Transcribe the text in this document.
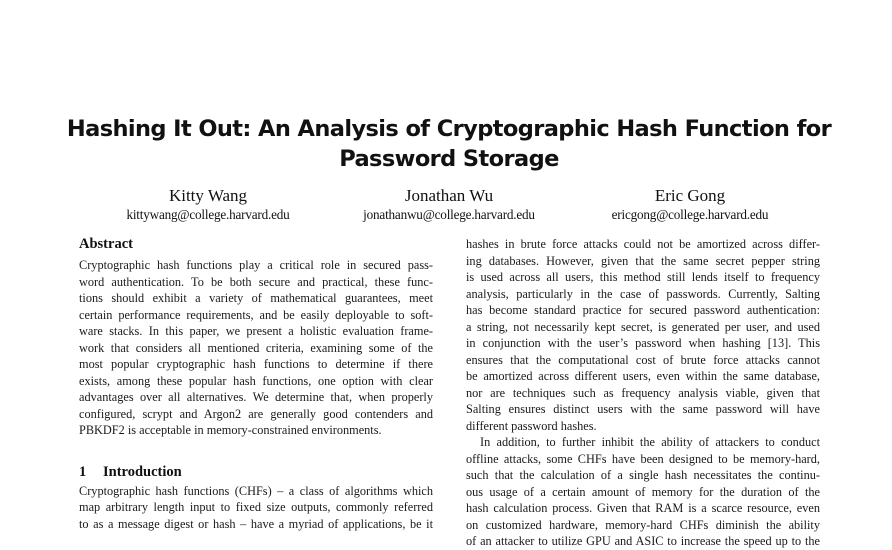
Hashing It Out: An Analysis of Cryptographic Hash Function for
Password Storage
Kitty Wang
kittywang@college.harvard.edu
Jonathan Wu
jonathanwu@college.harvard.edu
Eric Gong
ericgong@college.harvard.edu
Abstract
Cryptographic hash functions play a critical role in secured pass-
word authentication. To be both secure and practical, these func-
tions should exhibit a variety of mathematical guarantees, meet
certain performance requirements, and be easily deployable to soft-
ware stacks. In this paper, we present a holistic evaluation frame-
work that considers all mentioned criteria, examining some of the
most popular cryptographic hash functions to determine if there
exists, among these popular hash functions, one option with clear
advantages over all alternatives. We determine that, when properly
configured, scrypt and Argon2 are generally good contenders and
PBKDF2 is acceptable in memory-constrained environments.
1 Introduction
Cryptographic hash functions (CHFs) – a class of algorithms which
map arbitrary length input to fixed size outputs, commonly referred
to as a message digest or hash – have a myriad of applications, be it
hashes in brute force attacks could not be amortized across differ-
ing databases. However, given that the same secret pepper string
is used across all users, this method still lends itself to frequency
analysis, particularly in the case of passwords. Currently, Salting
has become standard practice for secured password authentication:
a string, not necessarily kept secret, is generated per user, and used
in conjunction with the user’s password when hashing [13]. This
ensures that the computational cost of brute force attacks cannot
be amortized across different users, even within the same database,
nor are techniques such as frequency analysis viable, given that
Salting ensures distinct users with the same password will have
different password hashes.
In addition, to further inhibit the ability of attackers to conduct
offline attacks, some CHFs have been designed to be memory-hard,
such that the calculation of a single hash necessitates the continu-
ous usage of a certain amount of memory for the duration of the
hash calculation process. Given that RAM is a scarce resource, even
on customized hardware, memory-hard CHFs diminish the ability
of an attacker to utilize GPU and ASIC to increase the speed up to the
